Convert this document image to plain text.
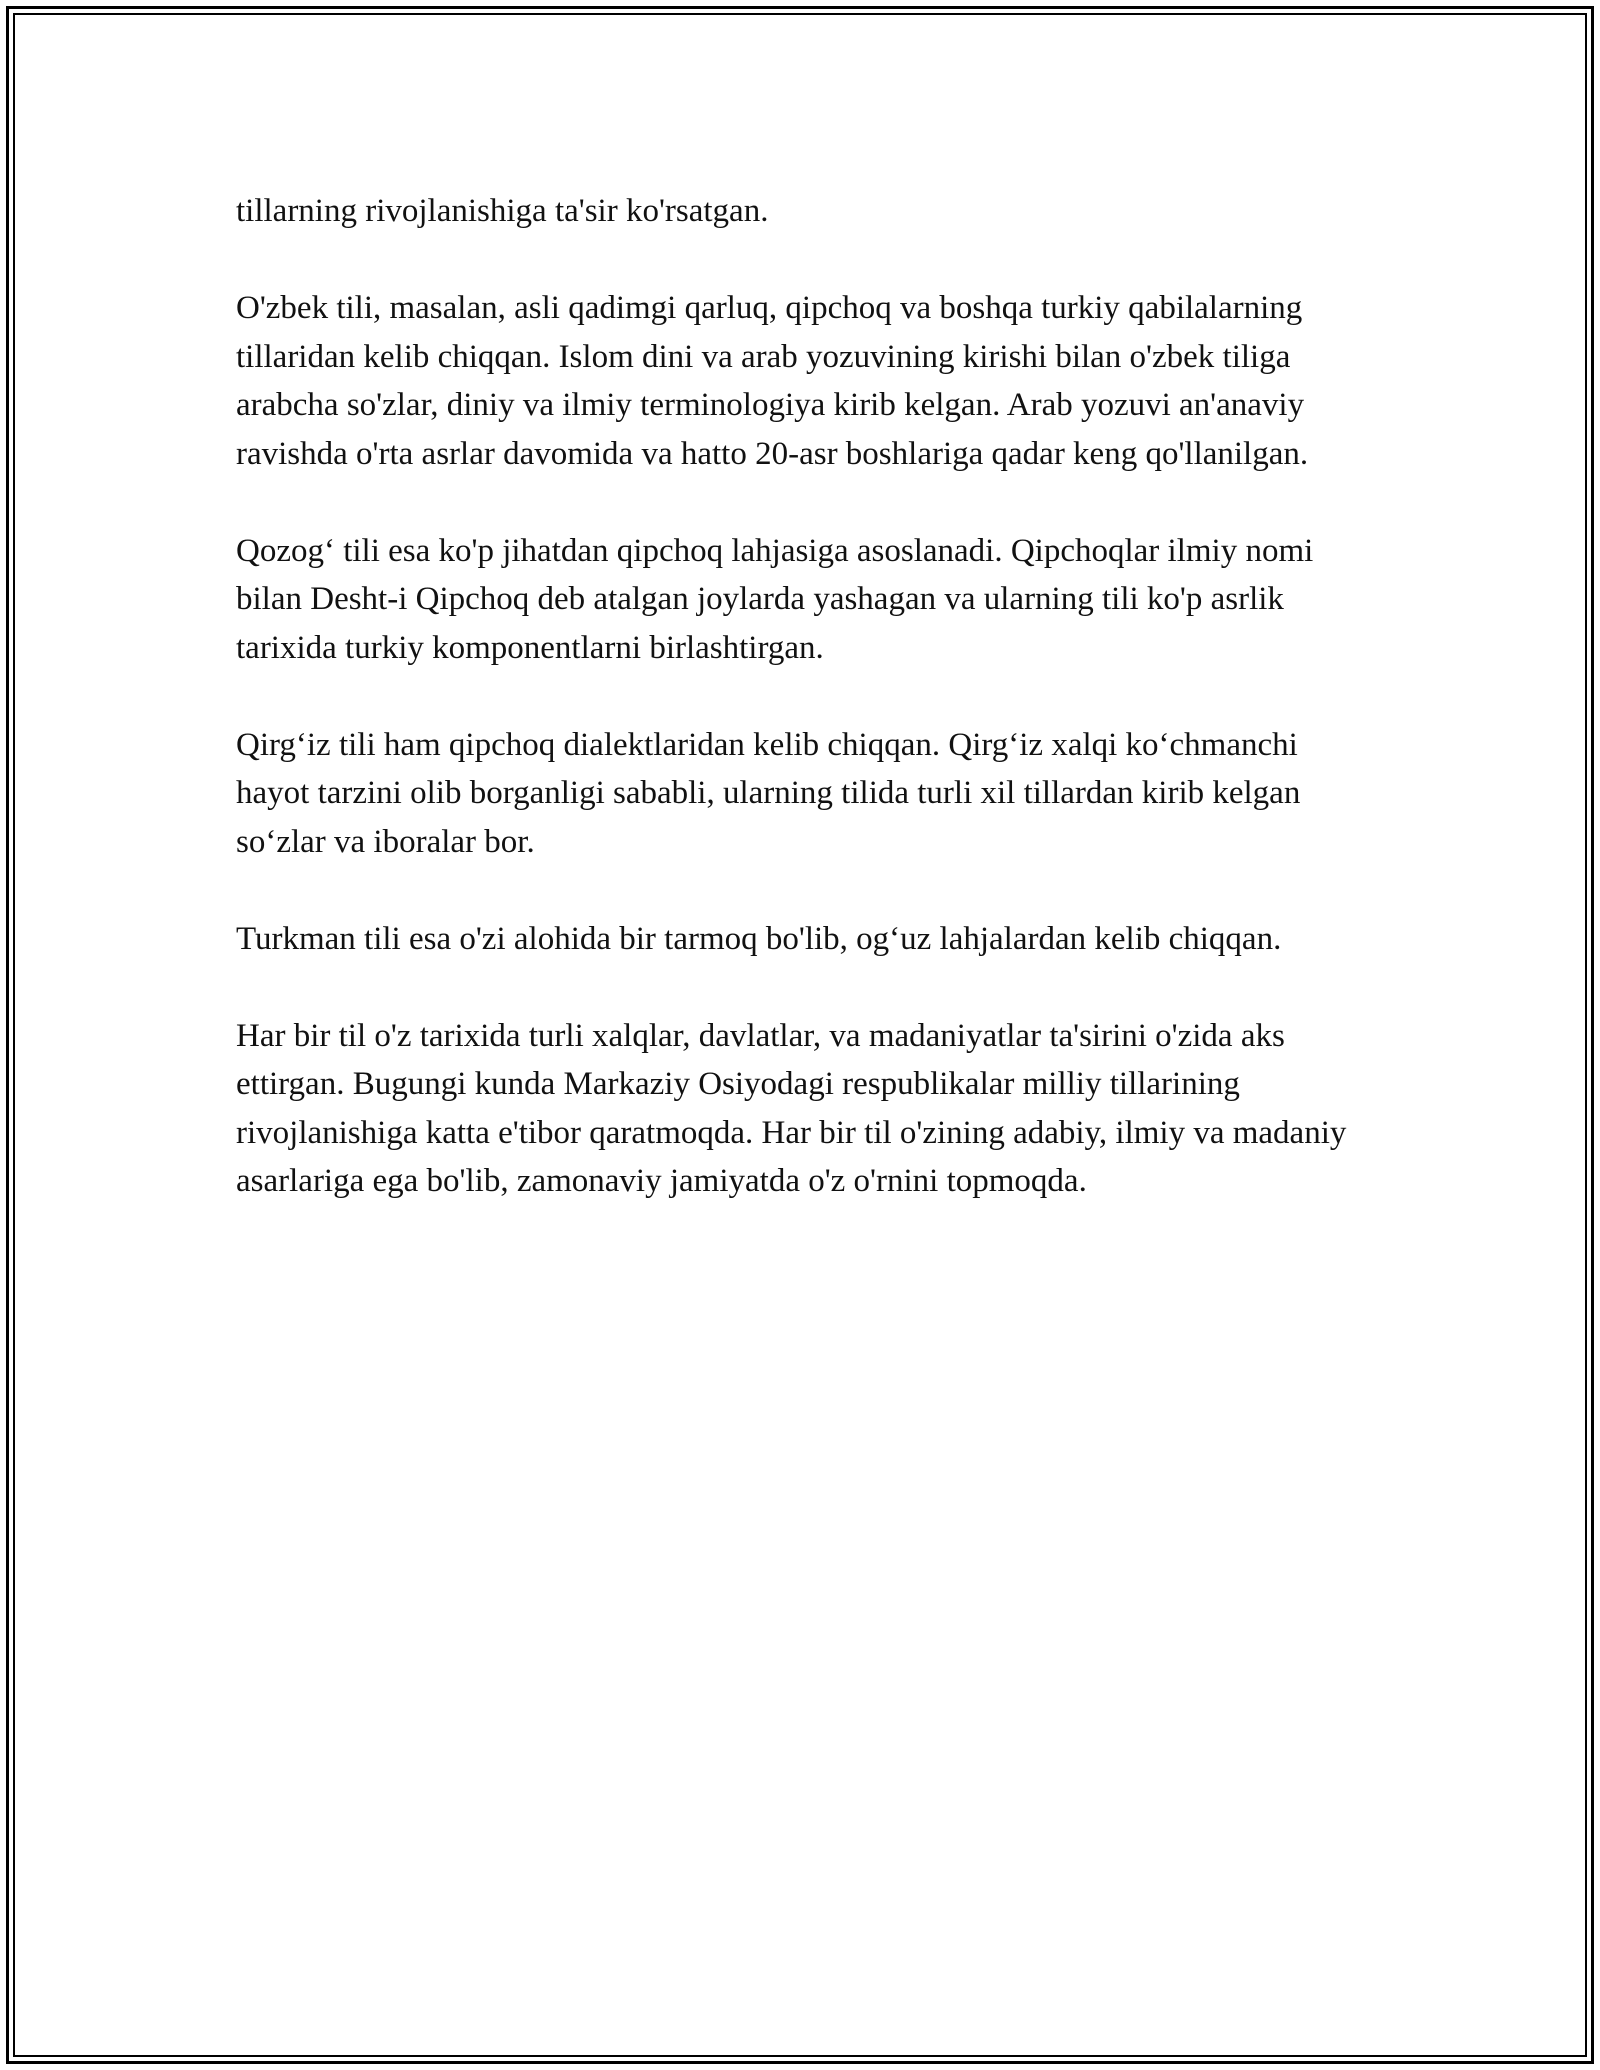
tillarning rivojlanishiga ta'sir ko'rsatgan.

O'zbek tili, masalan, asli qadimgi qarluq, qipchoq va boshqa turkiy qabilalarning tillaridan kelib chiqqan. Islom dini va arab yozuvining kirishi bilan o'zbek tiliga arabcha so'zlar, diniy va ilmiy terminologiya kirib kelgan. Arab yozuvi an'anaviy ravishda o'rta asrlar davomida va hatto 20-asr boshlariga qadar keng qo'llanilgan.

Qozog‘ tili esa ko'p jihatdan qipchoq lahjasiga asoslanadi. Qipchoqlar ilmiy nomi bilan Desht-i Qipchoq deb atalgan joylarda yashagan va ularning tili ko'p asrlik tarixida turkiy komponentlarni birlashtirgan.

Qirg‘iz tili ham qipchoq dialektlaridan kelib chiqqan. Qirg‘iz xalqi ko‘chmanchi hayot tarzini olib borganligi sababli, ularning tilida turli xil tillardan kirib kelgan so‘zlar va iboralar bor.

Turkman tili esa o'zi alohida bir tarmoq bo'lib, og‘uz lahjalardan kelib chiqqan.

Har bir til o'z tarixida turli xalqlar, davlatlar, va madaniyatlar ta'sirini o'zida aks ettirgan. Bugungi kunda Markaziy Osiyodagi respublikalar milliy tillarining rivojlanishiga katta e'tibor qaratmoqda. Har bir til o'zining adabiy, ilmiy va madaniy asarlariga ega bo'lib, zamonaviy jamiyatda o'z o'rnini topmoqda.
